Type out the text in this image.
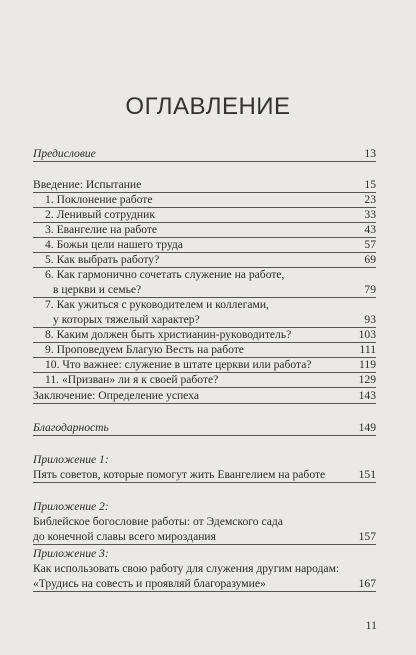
ОГЛАВЛЕНИЕ
Предисловие	13
Введение: Испытание	15
1. Поклонение работе	23
2. Ленивый сотрудник	33
3. Евангелие на работе	43
4. Божьи цели нашего труда	57
5. Как выбрать работу?	69
6. Как гармонично сочетать служение на работе,
в церкви и семье?	79
7. Как ужиться с руководителем и коллегами,
у которых тяжелый характер?	93
8. Каким должен быть христианин-руководитель?	103
9. Проповедуем Благую Весть на работе	111
10. Что важнее: служение в штате церкви или работа?	119
11. «Призван» ли я к своей работе?	129
Заключение: Определение успеха	143
Благодарность	149
Приложение 1:
Пять советов, которые помогут жить Евангелием на работе	151
Приложение 2:
Библейское богословие работы: от Эдемского сада
до конечной славы всего мироздания	157
Приложение 3:
Как использовать свою работу для служения другим народам:
«Трудись на совесть и проявляй благоразумие»	167
11
